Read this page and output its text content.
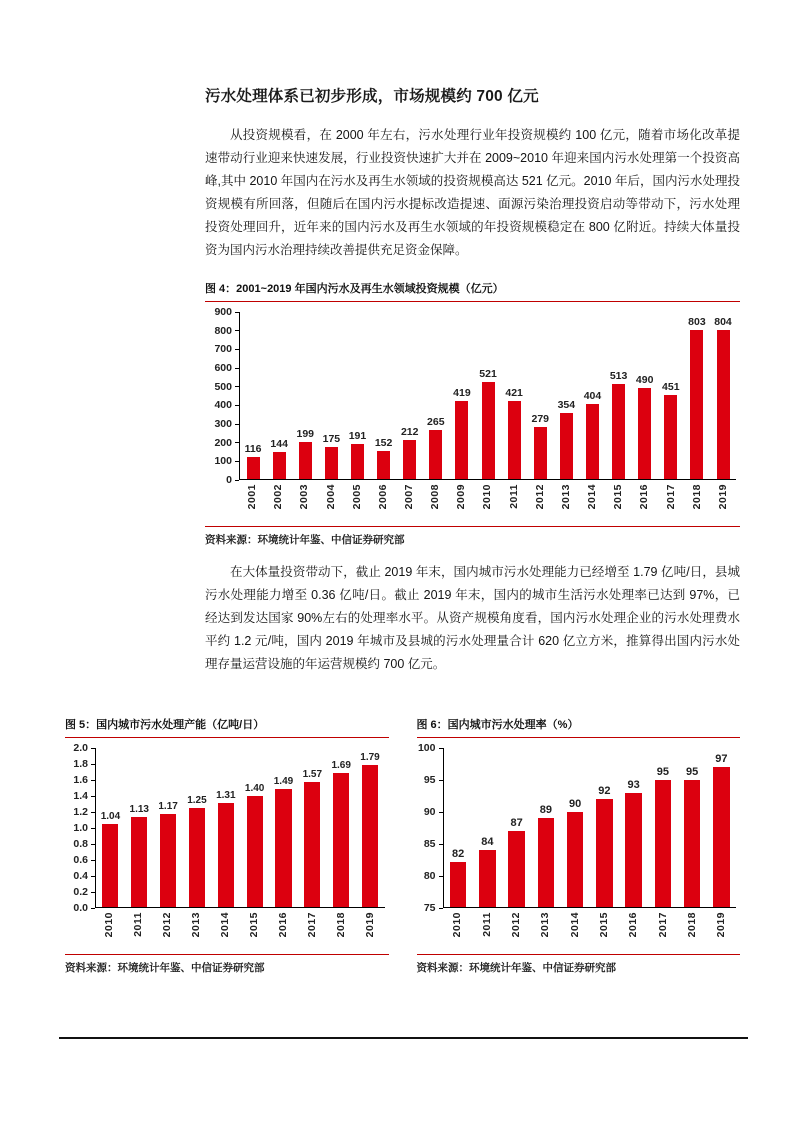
污水处理体系已初步形成，市场规模约 700 亿元

从投资规模看，在 2000 年左右，污水处理行业年投资规模约 100 亿元，随着市场化改革提速带动行业迎来快速发展，行业投资快速扩大并在 2009~2010 年迎来国内污水处理第一个投资高峰,其中 2010 年国内在污水及再生水领域的投资规模高达 521 亿元。2010 年后，国内污水处理投资规模有所回落，但随后在国内污水提标改造提速、面源污染治理投资启动等带动下，污水处理投资处理回升，近年来的国内污水及再生水领域的年投资规模稳定在 800 亿附近。持续大体量投资为国内污水治理持续改善提供充足资金保障。

图 4：2001~2019 年国内污水及再生水领域投资规模（亿元）
900
800
700
600
500
400
300
200
100
0
116 144
199 175 191
152
212
265
419
521
421
279
354
404
513 490
451
803 804
2001 2002 2003 2004 2005 2006 2007 2008 2009 2010 2011 2012 2013 2014 2015 2016 2017 2018 2019
资料来源：环境统计年鉴、中信证券研究部

在大体量投资带动下，截止 2019 年末，国内城市污水处理能力已经增至 1.79 亿吨/日，县城污水处理能力增至 0.36 亿吨/日。截止 2019 年末，国内的城市生活污水处理率已达到 97%，已经达到发达国家 90%左右的处理率水平。从资产规模角度看，国内污水处理企业的污水处理费水平约 1.2 元/吨，国内 2019 年城市及县城的污水处理量合计 620 亿立方米，推算得出国内污水处理存量运营设施的年运营规模约 700 亿元。

图 5：国内城市污水处理产能（亿吨/日）
2.0
1.8
1.6
1.4
1.2
1.0
0.8
0.6
0.4
0.2
0.0
1.04
1.13 1.17
1.25 1.31
1.40
1.49
1.57
1.69
1.79
2010 2011 2012 2013 2014 2015 2016 2017 2018 2019
资料来源：环境统计年鉴、中信证券研究部
图 6：国内城市污水处理率（%）
100
95
90
85
80
75
82
84
87
89
90
92
93
95 95
97
2010 2011 2012 2013 2014 2015 2016 2017 2018 2019
资料来源：环境统计年鉴、中信证券研究部
